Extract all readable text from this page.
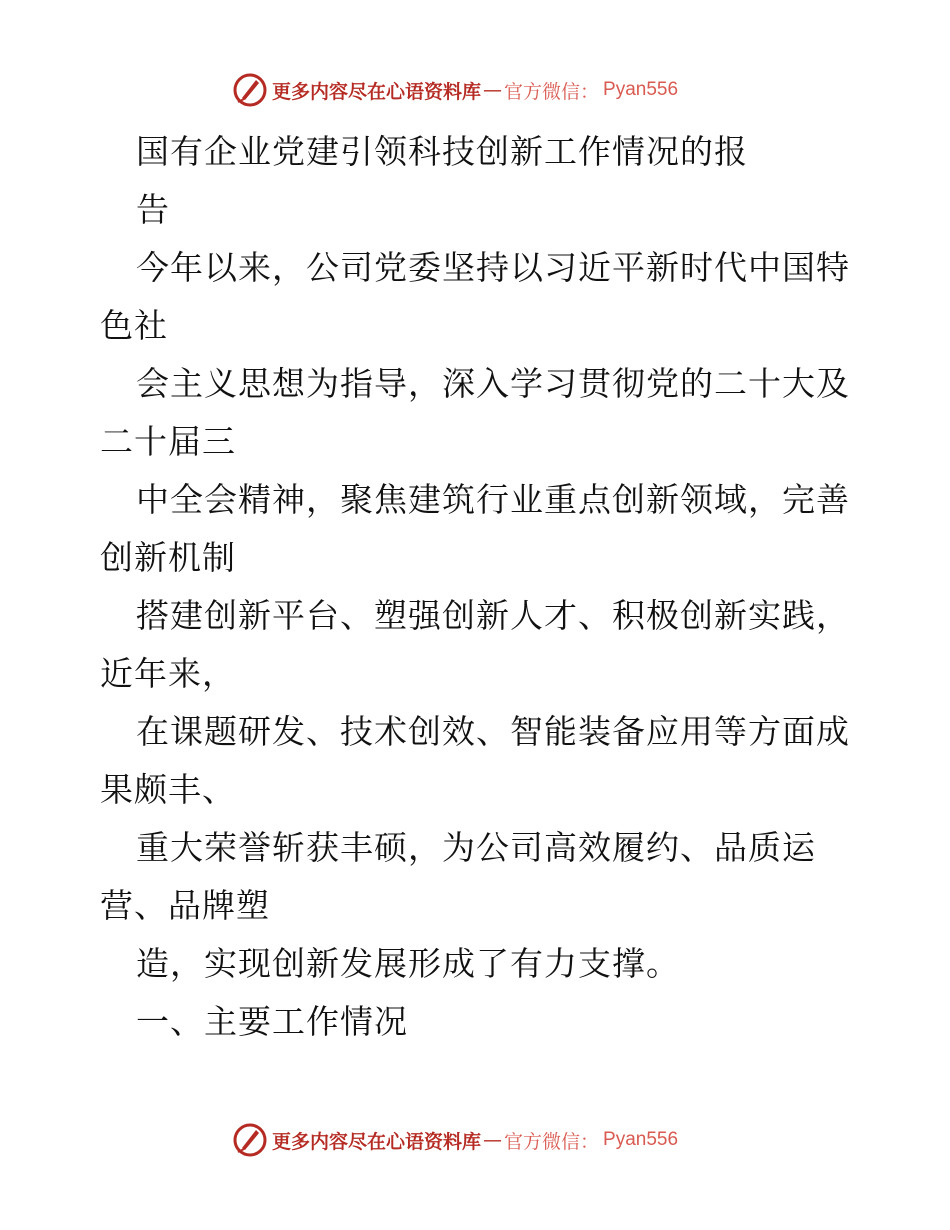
更多内容尽在心语资料库 — 官方微信： Pyan556
国有企业党建引领科技创新工作情况的报
告
今年以来，公司党委坚持以习近平新时代中国特
色社
会主义思想为指导，深入学习贯彻党的二十大及
二十届三
中全会精神，聚焦建筑行业重点创新领域，完善
创新机制
搭建创新平台、塑强创新人才、积极创新实践，
近年来，
在课题研发、技术创效、智能装备应用等方面成
果颇丰、
重大荣誉斩获丰硕，为公司高效履约、品质运
营、品牌塑
造，实现创新发展形成了有力支撑。
一、主要工作情况
更多内容尽在心语资料库 — 官方微信： Pyan556
